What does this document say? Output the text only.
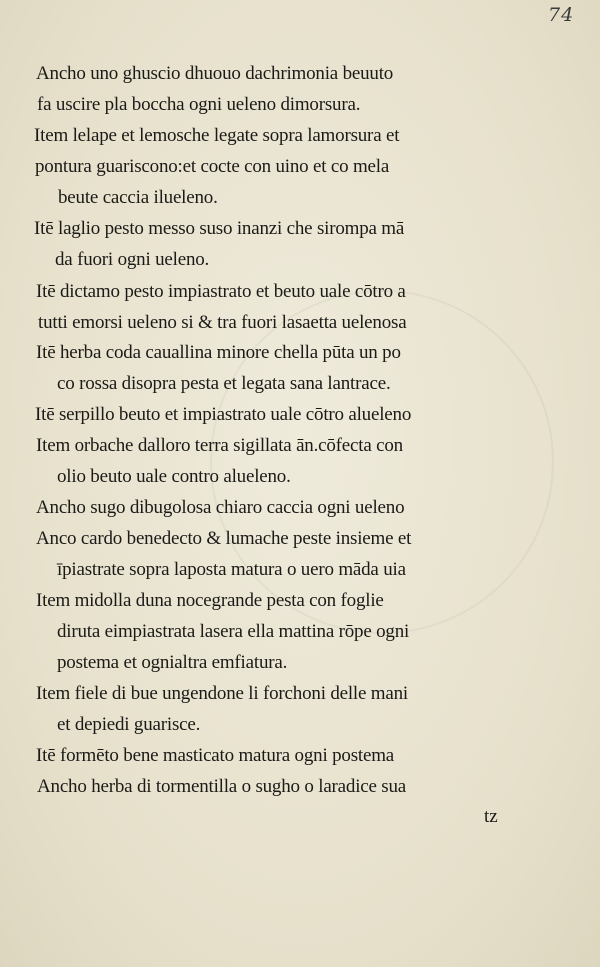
74
Ancho uno ghuscio dhuouo dachrimonia beuuto
fa uscire pla boccha ogni ueleno dimorsura.
Item lelape et lemosche legate sopra lamorsura et
pontura guariscono:et cocte con uino et co mela
beute caccia ilueleno.
Itē laglio pesto messo suso inanzi che sirompa mā
da fuori ogni ueleno.
Itē dictamo pesto impiastrato et beuto uale cōtro a
tutti emorsi ueleno si & tra fuori lasaetta uelenosa
Itē herba coda cauallina minore chella pūta un po
co rossa disopra pesta et legata sana lantrace.
Itē serpillo beuto et impiastrato uale cōtro alueleno
Item orbache dalloro terra sigillata ān.cōfecta con
olio beuto uale contro alueleno.
Ancho sugo dibugolosa chiaro caccia ogni ueleno
Anco cardo benedecto & lumache peste insieme et
īpiastrate sopra laposta matura o uero māda uia
Item midolla duna nocegrande pesta con foglie
diruta eimpiastrata lasera ella mattina rōpe ogni
postema et ognialtra emfiatura.
Item fiele di bue ungendone li forchoni delle mani
et depiedi guarisce.
Itē formēto bene masticato matura ogni postema
Ancho herba di tormentilla o sugho o laradice sua
tz
